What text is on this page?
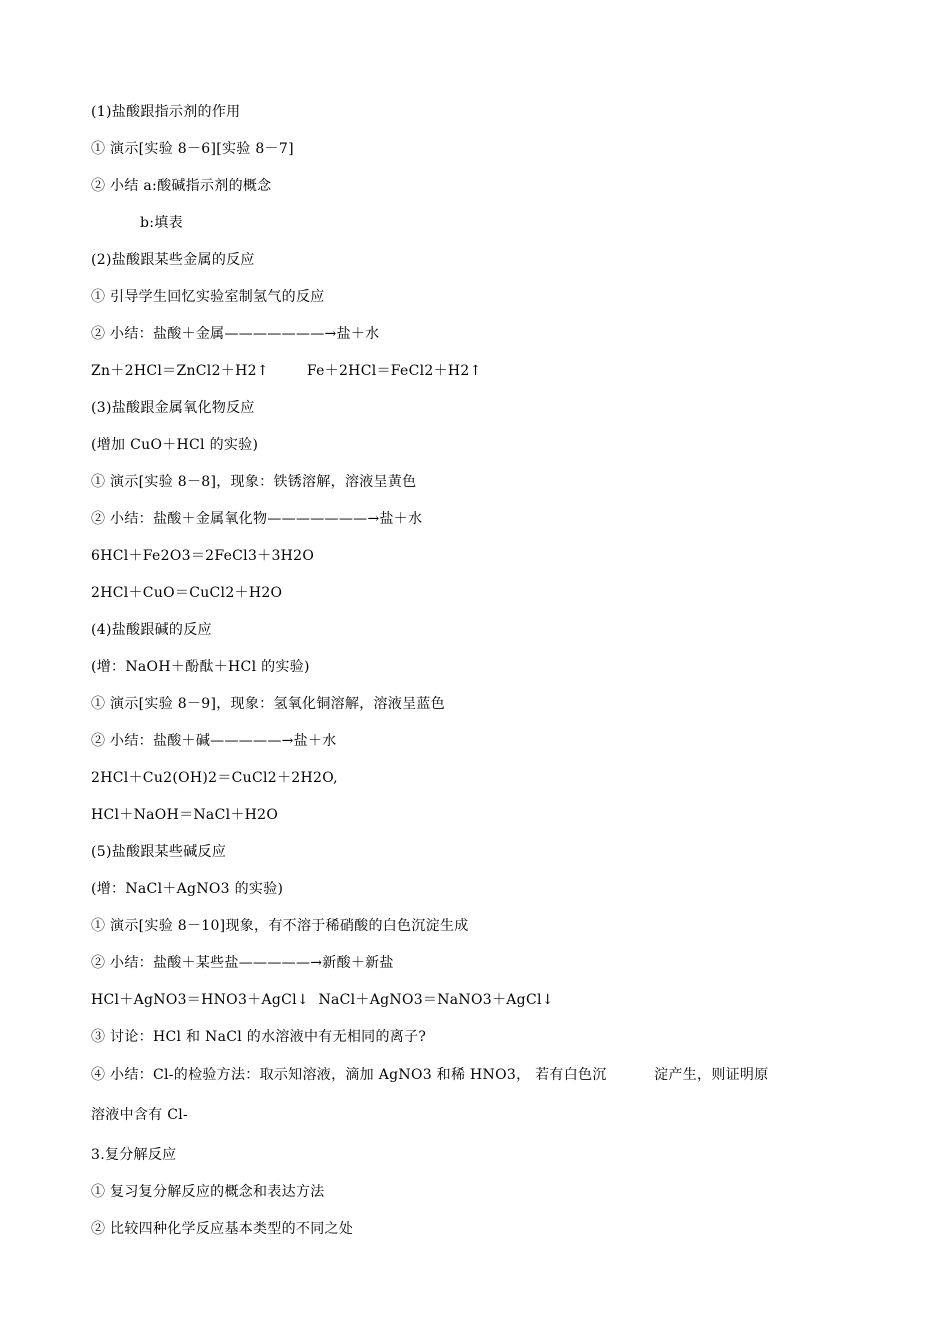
(1)盐酸跟指示剂的作用
① 演示[实验 8－6][实验 8－7]
② 小结 a:酸碱指示剂的概念
b:填表
(2)盐酸跟某些金属的反应
① 引导学生回忆实验室制氢气的反应
② 小结：盐酸＋金属———————→盐＋水
Zn＋2HCl＝ZnCl2＋H2↑        Fe＋2HCl＝FeCl2＋H2↑
(3)盐酸跟金属氧化物反应
(增加 CuO＋HCl 的实验)
① 演示[实验 8－8]，现象：铁锈溶解，溶液呈黄色
② 小结：盐酸＋金属氧化物———————→盐＋水
6HCl＋Fe2O3＝2FeCl3＋3H2O
2HCl＋CuO＝CuCl2＋H2O
(4)盐酸跟碱的反应
(增：NaOH＋酚酞＋HCl 的实验)
① 演示[实验 8－9]，现象：氢氧化铜溶解，溶液呈蓝色
② 小结：盐酸＋碱—————→盐＋水
2HCl＋Cu2(OH)2＝CuCl2＋2H2O,
HCl＋NaOH＝NaCl＋H2O
(5)盐酸跟某些碱反应
(增：NaCl＋AgNO3 的实验)
① 演示[实验 8－10]现象，有不溶于稀硝酸的白色沉淀生成
② 小结：盐酸＋某些盐—————→新酸＋新盐
HCl＋AgNO3＝HNO3＋AgCl↓  NaCl＋AgNO3＝NaNO3＋AgCl↓
③ 讨论：HCl 和 NaCl 的水溶液中有无相同的离子?
④ 小结：Cl-的检验方法：取示知溶液，滴加 AgNO3 和稀 HNO3， 若有白色沉          淀产生，则证明原
溶液中含有 Cl-
3.复分解反应
① 复习复分解反应的概念和表达方法
② 比较四种化学反应基本类型的不同之处
